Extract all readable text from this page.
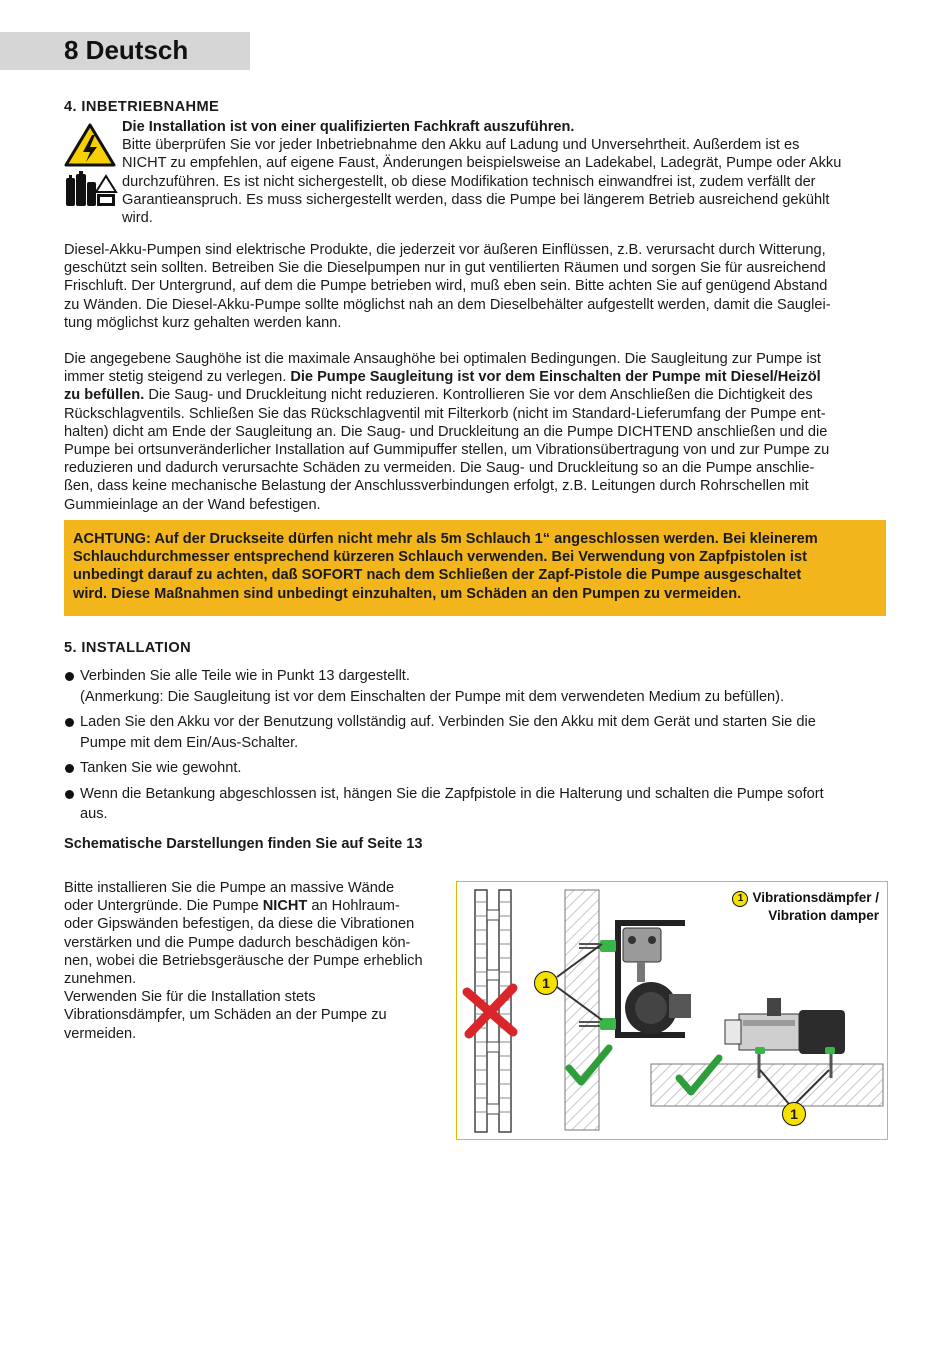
8 Deutsch
4. INBETRIEBNAHME
Die Installation ist von einer qualifizierten Fachkraft auszuführen.
Bitte überprüfen Sie vor jeder Inbetriebnahme den Akku auf Ladung und Unversehrtheit. Außerdem ist es
NICHT zu empfehlen, auf eigene Faust, Änderungen beispielsweise an Ladekabel, Ladegrät, Pumpe oder Akku
durchzuführen. Es ist nicht sichergestellt, ob diese Modifikation technisch einwandfrei ist, zudem verfällt der
Garantieanspruch. Es muss sichergestellt werden, dass die Pumpe bei längerem Betrieb ausreichend gekühlt
wird.
Diesel-Akku-Pumpen sind elektrische Produkte, die jederzeit vor äußeren Einflüssen, z.B. verursacht durch Witterung,
geschützt sein sollten. Betreiben Sie die Dieselpumpen nur in gut ventilierten Räumen und sorgen Sie für ausreichend
Frischluft. Der Untergrund, auf dem die Pumpe betrieben wird, muß eben sein. Bitte achten Sie auf genügend Abstand
zu Wänden. Die Diesel-Akku-Pumpe sollte möglichst nah an dem Dieselbehälter aufgestellt werden, damit die Sauglei-
tung möglichst kurz gehalten werden kann.
Die angegebene Saughöhe ist die maximale Ansaughöhe bei optimalen Bedingungen. Die Saugleitung zur Pumpe ist
immer stetig steigend zu verlegen. Die Pumpe Saugleitung ist vor dem Einschalten der Pumpe mit Diesel/Heizöl
zu befüllen. Die Saug- und Druckleitung nicht reduzieren. Kontrollieren Sie vor dem Anschließen die Dichtigkeit des
Rückschlagventils. Schließen Sie das Rückschlagventil mit Filterkorb (nicht im Standard-Lieferumfang der Pumpe ent-
halten) dicht am Ende der Saugleitung an. Die Saug- und Druckleitung an die Pumpe DICHTEND anschließen und die
Pumpe bei ortsunveränderlicher Installation auf Gummipuffer stellen, um Vibrationsübertragung von und zur Pumpe zu
reduzieren und dadurch verursachte Schäden zu vermeiden. Die Saug- und Druckleitung so an die Pumpe anschlie-
ßen, dass keine mechanische Belastung der Anschlussverbindungen erfolgt, z.B. Leitungen durch Rohrschellen mit
Gummieinlage an der Wand befestigen.

ACHTUNG: Auf der Druckseite dürfen nicht mehr als 5m Schlauch 1“ angeschlossen werden. Bei kleinerem
Schlauchdurchmesser entsprechend kürzeren Schlauch verwenden. Bei Verwendung von Zapfpistolen ist
unbedingt darauf zu achten, daß SOFORT nach dem Schließen der Zapf-Pistole die Pumpe ausgeschaltet
wird. Diese Maßnahmen sind unbedingt einzuhalten, um Schäden an den Pumpen zu vermeiden.

5. INSTALLATION
Verbinden Sie alle Teile wie in Punkt 13 dargestellt.
(Anmerkung: Die Saugleitung ist vor dem Einschalten der Pumpe mit dem verwendeten Medium zu befüllen).
Laden Sie den Akku vor der Benutzung vollständig auf. Verbinden Sie den Akku mit dem Gerät und starten Sie die
Pumpe mit dem Ein/Aus-Schalter.
Tanken Sie wie gewohnt.
Wenn die Betankung abgeschlossen ist, hängen Sie die Zapfpistole in die Halterung und schalten die Pumpe sofort
aus.
Schematische Darstellungen finden Sie auf Seite 13
Bitte installieren Sie die Pumpe an massive Wände
oder Untergründe. Die Pumpe NICHT an Hohlraum-
oder Gipswänden befestigen, da diese die Vibrationen
verstärken und die Pumpe dadurch beschädigen kön-
nen, wobei die Betriebsgeräusche der Pumpe erheblich
zunehmen.
Verwenden Sie für die Installation stets
Vibrationsdämpfer, um Schäden an der Pumpe zu
vermeiden.
1 Vibrationsdämpfer /
Vibration damper
1
1
